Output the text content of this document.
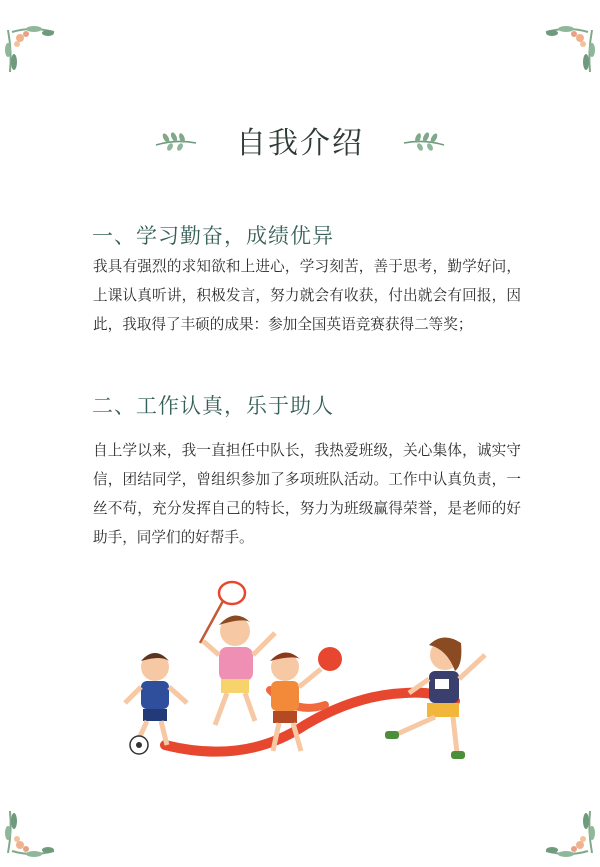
自我介绍
一、学习勤奋，成绩优异

我具有强烈的求知欲和上进心，学习刻苦，善于思考，勤学好问，上课认真听讲，积极发言，努力就会有收获，付出就会有回报，因此，我取得了丰硕的成果：参加全国英语竞赛获得二等奖；

二、工作认真，乐于助人

自上学以来，我一直担任中队长，我热爱班级，关心集体，诚实守信，团结同学，曾组织参加了多项班队活动。工作中认真负责，一丝不苟，充分发挥自己的特长，努力为班级赢得荣誉，是老师的好助手，同学们的好帮手。
